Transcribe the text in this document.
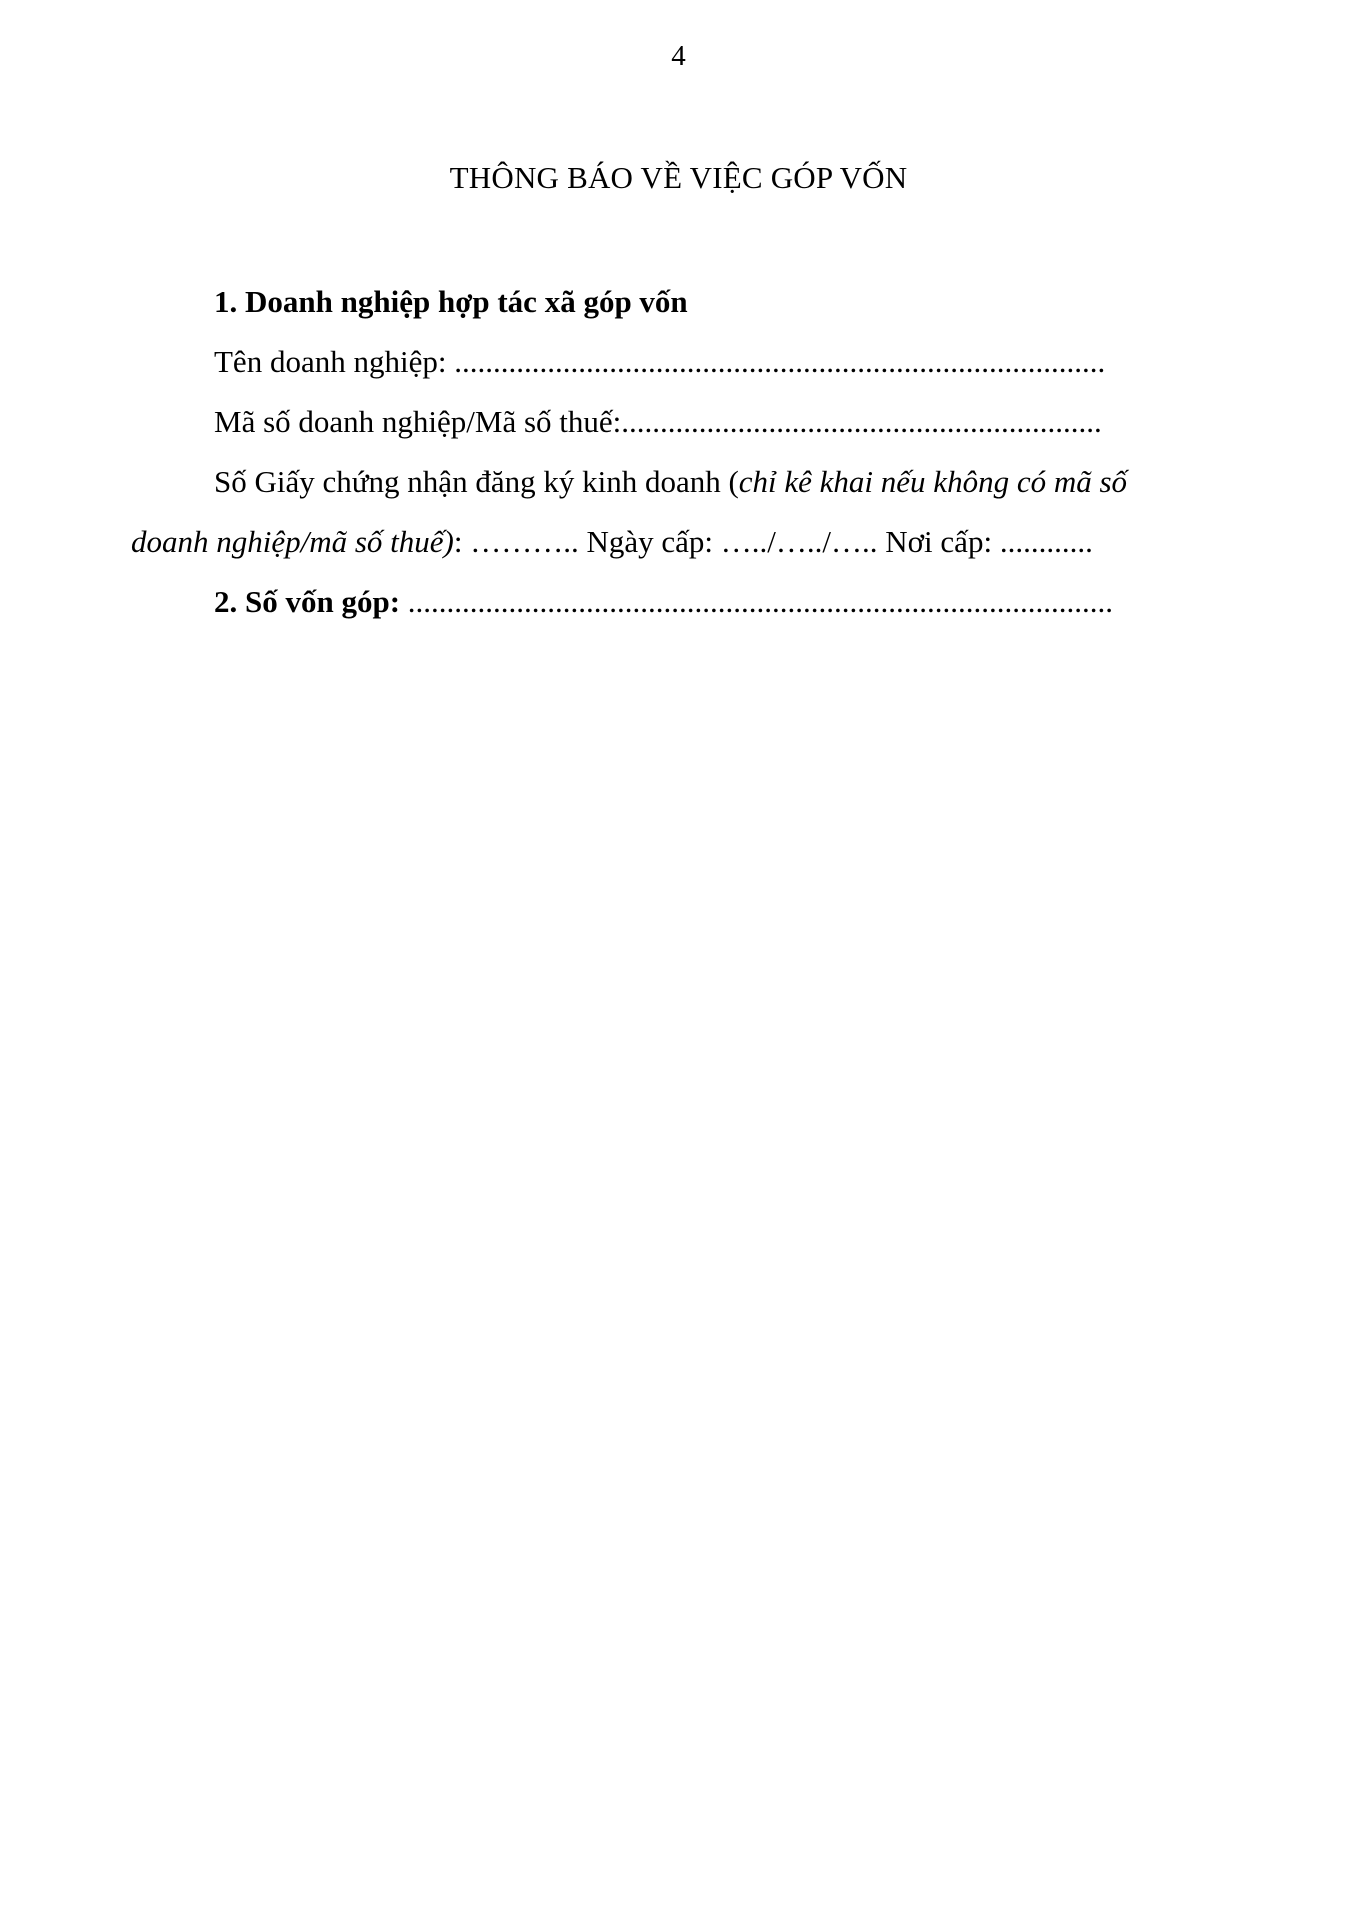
4
THÔNG BÁO VỀ VIỆC GÓP VỐN
1. Doanh nghiệp hợp tác xã góp vốn
Tên doanh nghiệp: ....................................................................................
Mã số doanh nghiệp/Mã số thuế:..............................................................
Số Giấy chứng nhận đăng ký kinh doanh (chỉ kê khai nếu không có mã số
doanh nghiệp/mã số thuế): ……….. Ngày cấp: …../…../….. Nơi cấp: ............
2. Số vốn góp: ...........................................................................................
